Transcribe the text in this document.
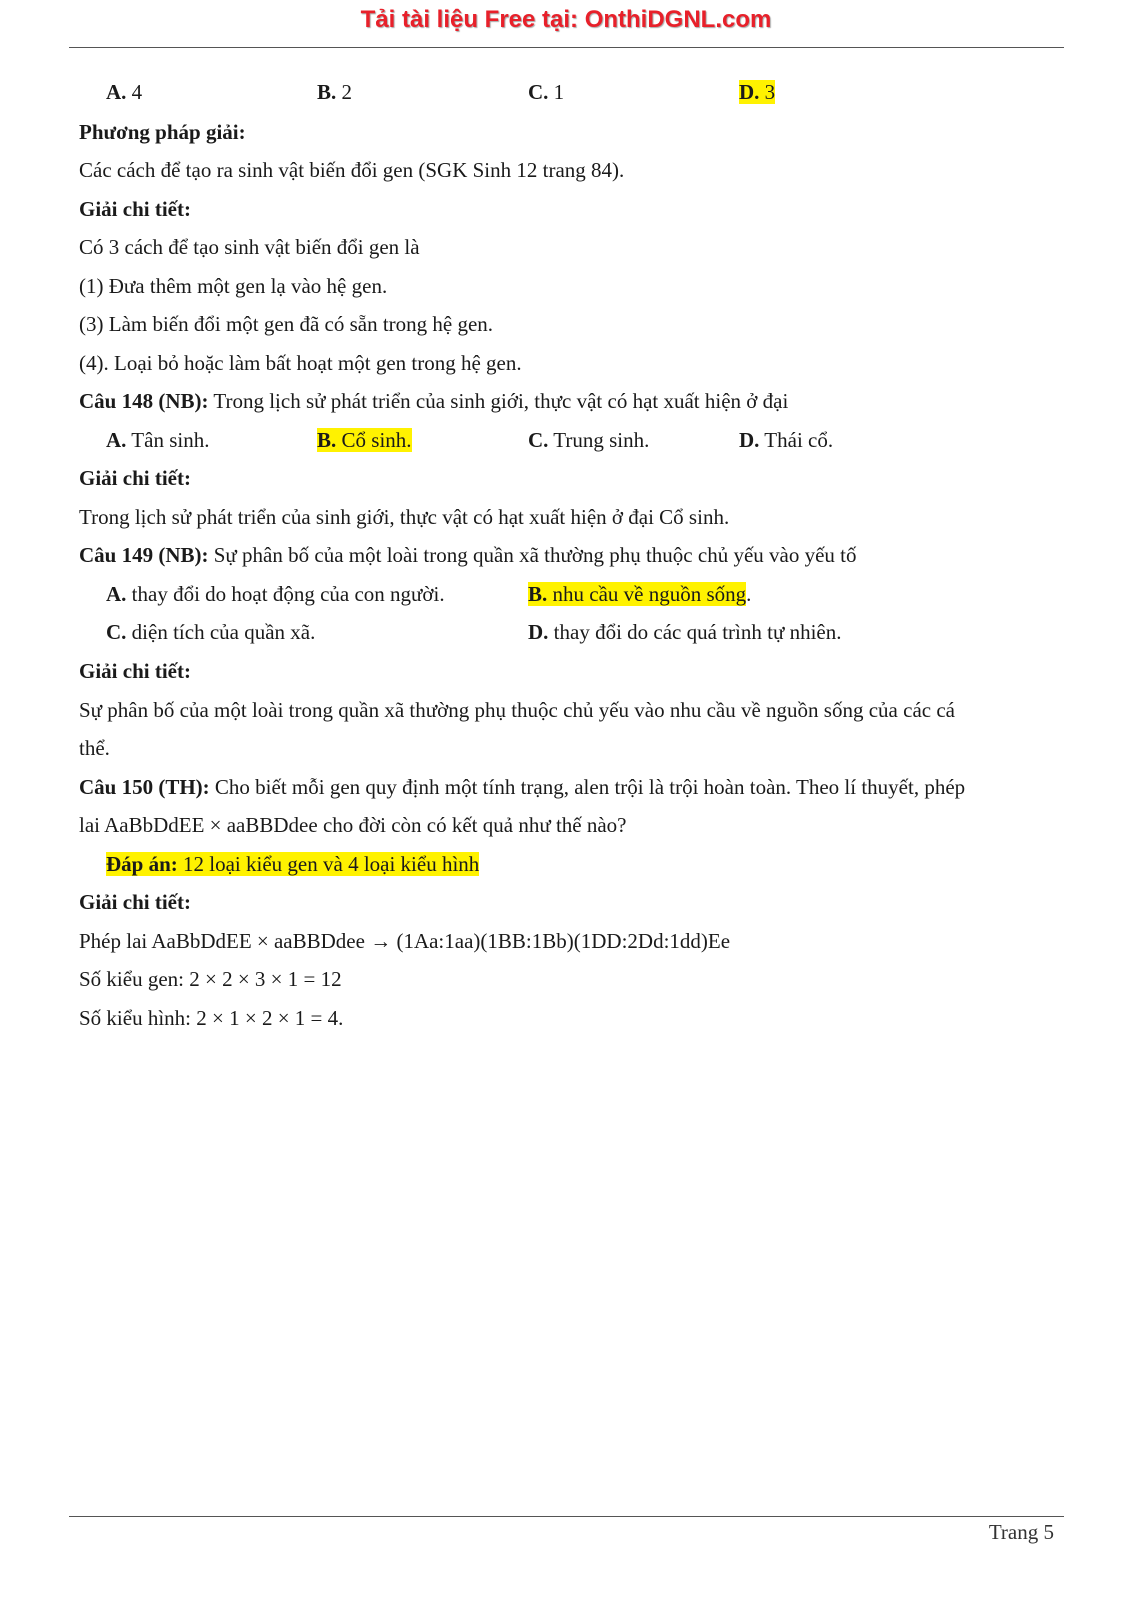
Tải tài liệu Free tại: OnthiDGNL.com
A. 4	B. 2	C. 1	D. 3
Phương pháp giải:
Các cách để tạo ra sinh vật biến đổi gen (SGK Sinh 12 trang 84).
Giải chi tiết:
Có 3 cách để tạo sinh vật biến đổi gen là
(1) Đưa thêm một gen lạ vào hệ gen.
(3) Làm biến đổi một gen đã có sẵn trong hệ gen.
(4). Loại bỏ hoặc làm bất hoạt một gen trong hệ gen.
Câu 148 (NB): Trong lịch sử phát triển của sinh giới, thực vật có hạt xuất hiện ở đại
A. Tân sinh.	B. Cổ sinh.	C. Trung sinh.	D. Thái cổ.
Giải chi tiết:
Trong lịch sử phát triển của sinh giới, thực vật có hạt xuất hiện ở đại Cổ sinh.
Câu 149 (NB): Sự phân bố của một loài trong quần xã thường phụ thuộc chủ yếu vào yếu tố
A. thay đổi do hoạt động của con người.	B. nhu cầu về nguồn sống.
C. diện tích của quần xã.	D. thay đổi do các quá trình tự nhiên.
Giải chi tiết:
Sự phân bố của một loài trong quần xã thường phụ thuộc chủ yếu vào nhu cầu về nguồn sống của các cá
thể.
Câu 150 (TH): Cho biết mỗi gen quy định một tính trạng, alen trội là trội hoàn toàn. Theo lí thuyết, phép
lai AaBbDdEE × aaBBDdee cho đời còn có kết quả như thế nào?
Đáp án: 12 loại kiểu gen và 4 loại kiểu hình
Giải chi tiết:
Phép lai AaBbDdEE × aaBBDdee → (1Aa:1aa)(1BB:1Bb)(1DD:2Dd:1dd)Ee
Số kiểu gen: 2 × 2 × 3 × 1 = 12
Số kiểu hình: 2 × 1 × 2 × 1 = 4.
Trang 5
